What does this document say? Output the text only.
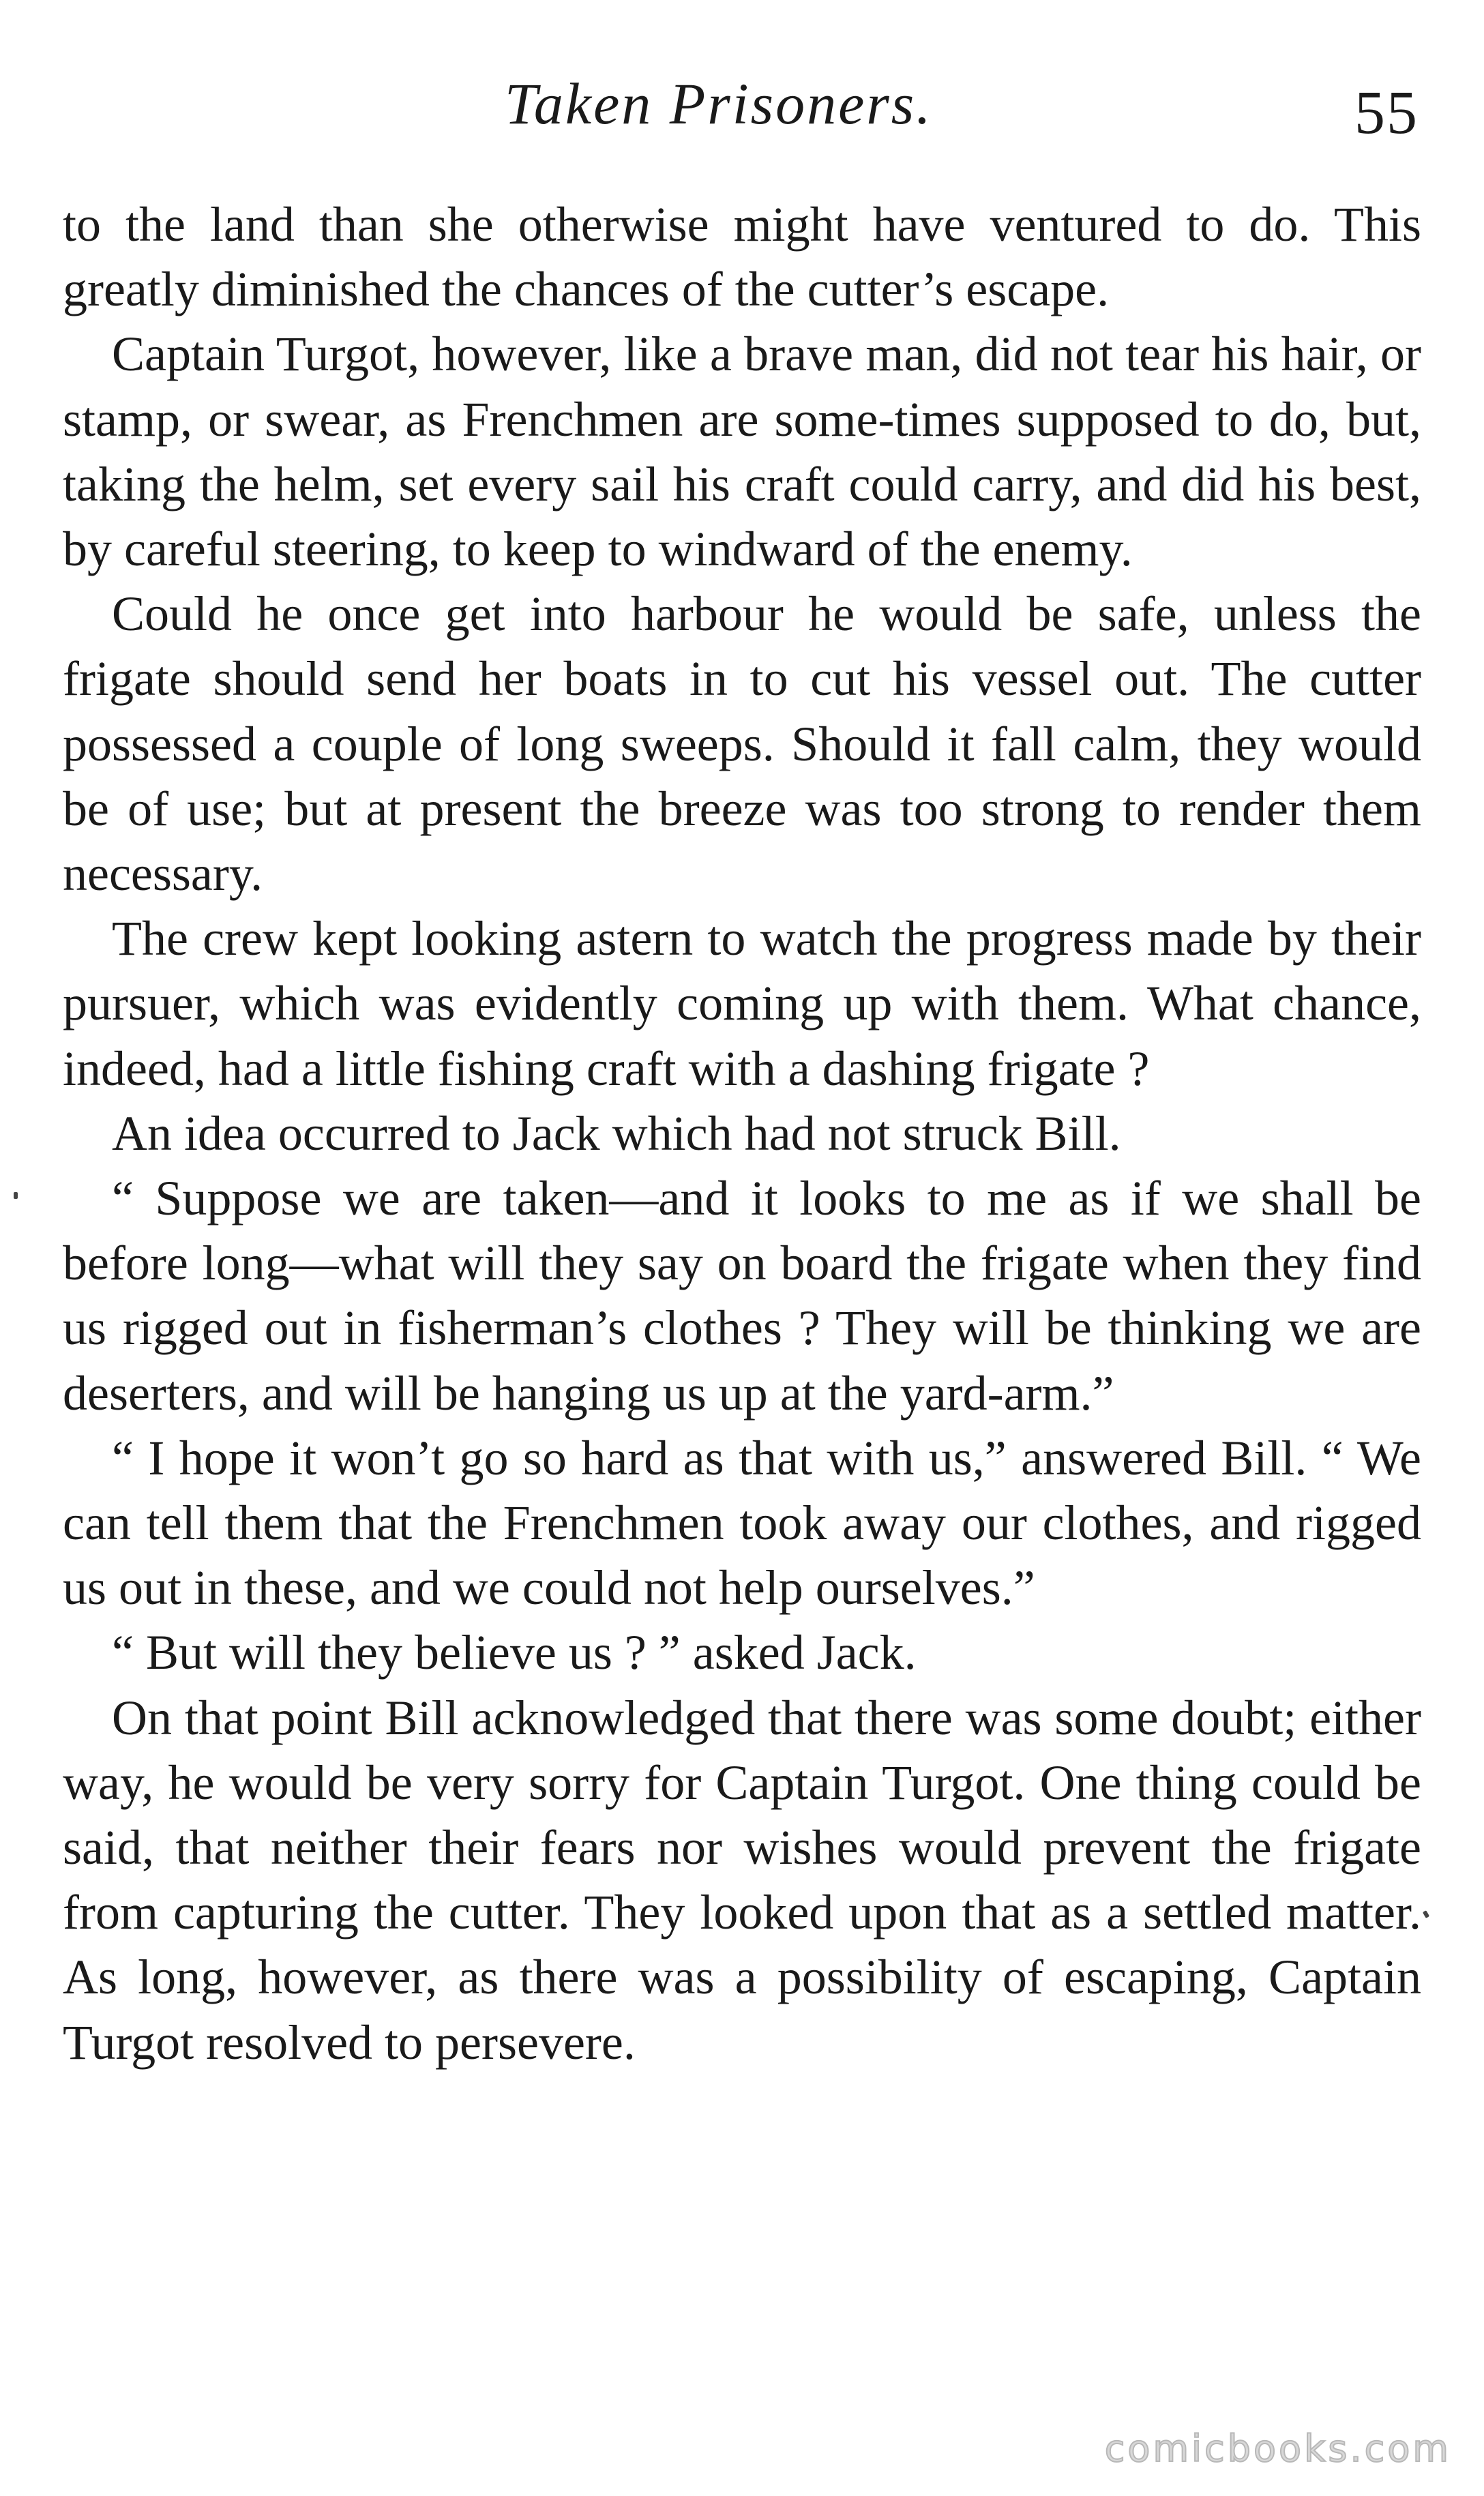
Taken Prisoners.	55

to the land than she otherwise might have ventured to do. This greatly diminished the chances of the cutter’s escape.

Captain Turgot, however, like a brave man, did not tear his hair, or stamp, or swear, as Frenchmen are some-times supposed to do, but, taking the helm, set every sail his craft could carry, and did his best, by careful steering, to keep to windward of the enemy.

Could he once get into harbour he would be safe, unless the frigate should send her boats in to cut his vessel out. The cutter possessed a couple of long sweeps. Should it fall calm, they would be of use; but at present the breeze was too strong to render them necessary.

The crew kept looking astern to watch the progress made by their pursuer, which was evidently coming up with them. What chance, indeed, had a little fishing craft with a dashing frigate ?

An idea occurred to Jack which had not struck Bill.

“ Suppose we are taken—and it looks to me as if we shall be before long—what will they say on board the frigate when they find us rigged out in fisherman’s clothes ? They will be thinking we are deserters, and will be hanging us up at the yard-arm.”

“ I hope it won’t go so hard as that with us,” answered Bill. “ We can tell them that the Frenchmen took away our clothes, and rigged us out in these, and we could not help ourselves.”

“ But will they believe us ? ” asked Jack.

On that point Bill acknowledged that there was some doubt; either way, he would be very sorry for Captain Turgot. One thing could be said, that neither their fears nor wishes would prevent the frigate from capturing the cutter. They looked upon that as a settled matter. As long, however, as there was a possibility of escaping, Captain Turgot resolved to persevere.

comicbooks.com
